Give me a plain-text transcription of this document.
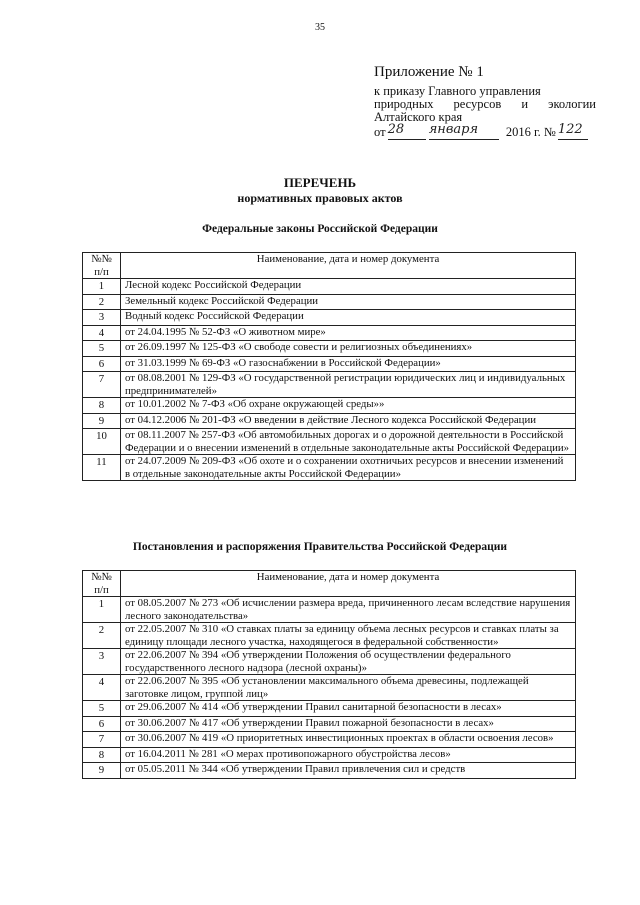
35
Приложение № 1
к приказу Главного управления
природных ресурсов и экологии
Алтайского края
от 28 января 2016 г. № 122
ПЕРЕЧЕНЬ
нормативных правовых актов
Федеральные законы Российской Федерации
№№ п/п	Наименование, дата и номер документа
1	Лесной кодекс Российской Федерации
2	Земельный кодекс Российской Федерации
3	Водный кодекс Российской Федерации
4	от 24.04.1995 № 52-ФЗ «О животном мире»
5	от 26.09.1997 № 125-ФЗ «О свободе совести и религиозных объединениях»
6	от 31.03.1999 № 69-ФЗ «О газоснабжении в Российской Федерации»
7	от 08.08.2001 № 129-ФЗ «О государственной регистрации юридических лиц и индивидуальных предпринимателей»
8	от 10.01.2002 № 7-ФЗ «Об охране окружающей среды»»
9	от 04.12.2006 № 201-ФЗ «О введении в действие Лесного кодекса Российской Федерации
10	от 08.11.2007 № 257-ФЗ «Об автомобильных дорогах и о дорожной деятельности в Российской Федерации и о внесении изменений в отдельные законодательные акты Российской Федерации»
11	от 24.07.2009 № 209-ФЗ «Об охоте и о сохранении охотничьих ресурсов и внесении изменений в отдельные законодательные акты Российской Федерации»
Постановления и распоряжения Правительства Российской Федерации
№№ п/п	Наименование, дата и номер документа
1	от 08.05.2007 № 273 «Об исчислении размера вреда, причиненного лесам вследствие нарушения лесного законодательства»
2	от 22.05.2007 № 310 «О ставках платы за единицу объема лесных ресурсов и ставках платы за единицу площади лесного участка, находящегося в федеральной собственности»
3	от 22.06.2007 № 394 «Об утверждении Положения об осуществлении федерального государственного лесного надзора (лесной охраны)»
4	от 22.06.2007 № 395 «Об установлении максимального объема древесины, подлежащей заготовке лицом, группой лиц»
5	от 29.06.2007 № 414 «Об утверждении Правил санитарной безопасности в лесах»
6	от 30.06.2007 № 417 «Об утверждении Правил пожарной безопасности в лесах»
7	от 30.06.2007 № 419 «О приоритетных инвестиционных проектах в области освоения лесов»
8	от 16.04.2011 № 281 «О мерах противопожарного обустройства лесов»
9	от 05.05.2011 № 344 «Об утверждении Правил привлечения сил и средств
